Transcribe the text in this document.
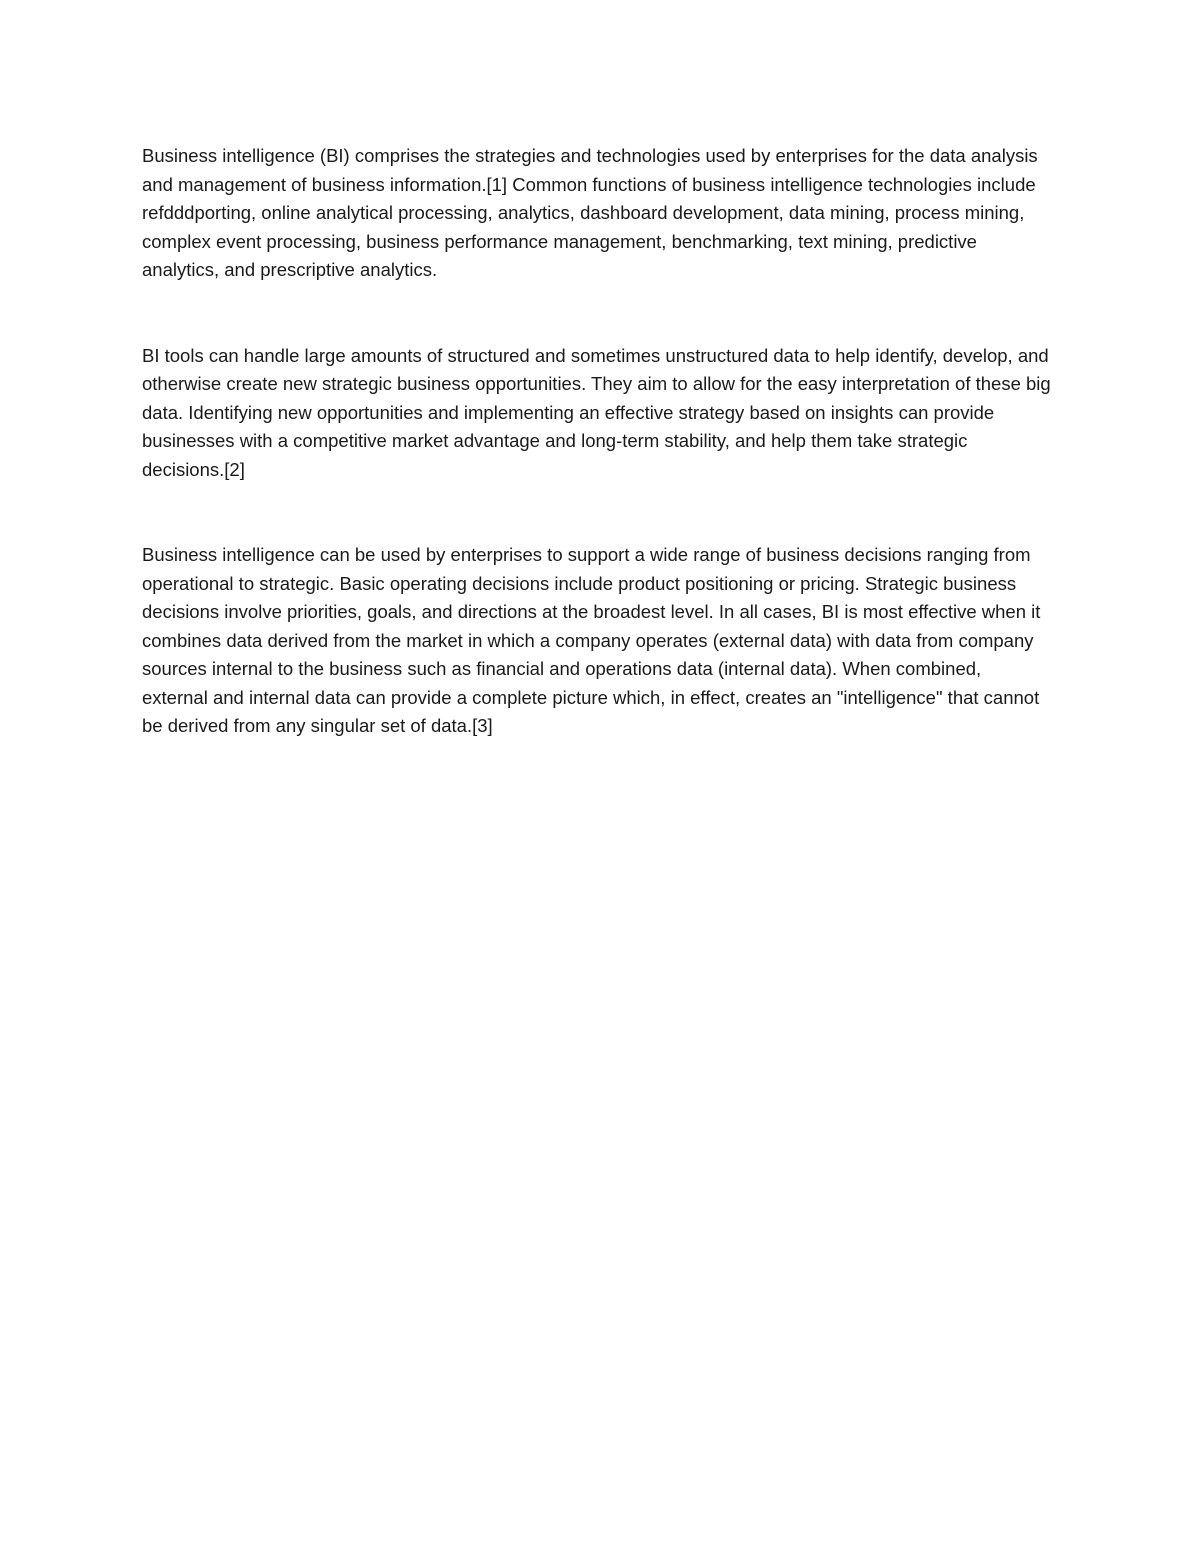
Business intelligence (BI) comprises the strategies and technologies used by enterprises for the data analysis and management of business information.[1] Common functions of business intelligence technologies include refdddporting, online analytical processing, analytics, dashboard development, data mining, process mining, complex event processing, business performance management, benchmarking, text mining, predictive analytics, and prescriptive analytics.

BI tools can handle large amounts of structured and sometimes unstructured data to help identify, develop, and otherwise create new strategic business opportunities. They aim to allow for the easy interpretation of these big data. Identifying new opportunities and implementing an effective strategy based on insights can provide businesses with a competitive market advantage and long-term stability, and help them take strategic decisions.[2]

Business intelligence can be used by enterprises to support a wide range of business decisions ranging from operational to strategic. Basic operating decisions include product positioning or pricing. Strategic business decisions involve priorities, goals, and directions at the broadest level. In all cases, BI is most effective when it combines data derived from the market in which a company operates (external data) with data from company sources internal to the business such as financial and operations data (internal data). When combined, external and internal data can provide a complete picture which, in effect, creates an "intelligence" that cannot be derived from any singular set of data.[3]
